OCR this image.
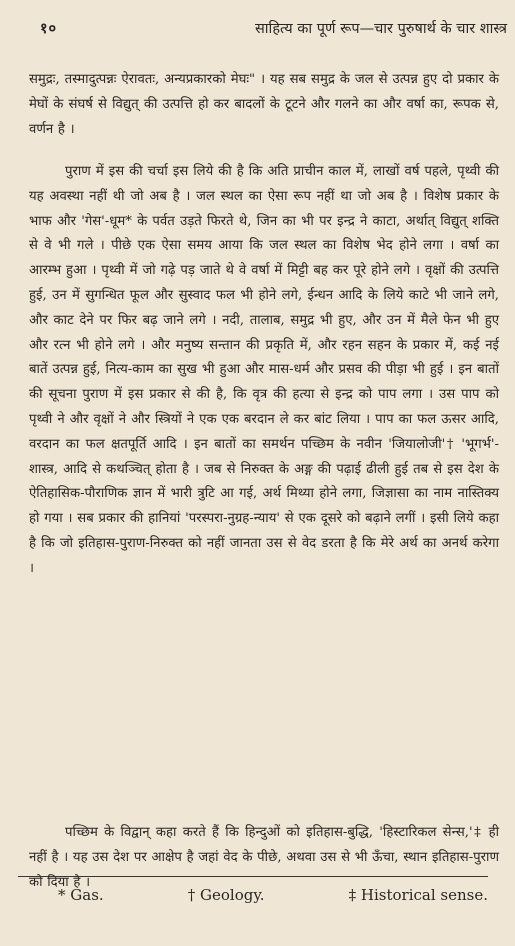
१०	साहित्य का पूर्ण रूप—चार पुरुषार्थ के चार शास्त्र
समुद्रः, तस्मादुत्पन्नः ऐरावतः, अन्यप्रकारको मेघः" । यह सब समुद्र के जल से उत्पन्न हुए दो प्रकार के मेघों के संघर्ष से विद्युत् की उत्पत्ति हो कर बादलों के टूटने और गलने का और वर्षा का, रूपक से, वर्णन है ।
पुराण में इस की चर्चा इस लिये की है कि अति प्राचीन काल में, लाखों वर्ष पहले, पृथ्वी की यह अवस्था नहीं थी जो अब है । जल स्थल का ऐसा रूप नहीं था जो अब है । विशेष प्रकार के भाफ और 'गेस'-धूम* के पर्वत उड़ते फिरते थे, जिन का भी पर इन्द्र ने काटा, अर्थात् विद्युत् शक्ति से वे भी गले । पीछे एक ऐसा समय आया कि जल स्थल का विशेष भेद होने लगा । वर्षा का आरम्भ हुआ । पृथ्वी में जो गढ़े पड़ जाते थे वे वर्षा में मिट्टी बह कर पूरे होने लगे । वृक्षों की उत्पत्ति हुई, उन में सुगन्धित फूल और सुस्वाद फल भी होने लगे, ईन्धन आदि के लिये काटे भी जाने लगे, और काट देने पर फिर बढ़ जाने लगे । नदी, तालाब, समुद्र भी हुए, और उन में मैले फेन भी हुए और रत्न भी होने लगे । और मनुष्य सन्तान की प्रकृति में, और रहन सहन के प्रकार में, कई नई बातें उत्पन्न हुई, नित्य-काम का सुख भी हुआ और मास-धर्म और प्रसव की पीड़ा भी हुई । इन बातों की सूचना पुराण में इस प्रकार से की है, कि वृत्र की हत्या से इन्द्र को पाप लगा । उस पाप को पृथ्वी ने और वृक्षों ने और स्त्रियों ने एक एक बरदान ले कर बांट लिया । पाप का फल ऊसर आदि, वरदान का फल क्षतपूर्ति आदि । इन बातों का समर्थन पच्छिम के नवीन 'जियालोजी'† 'भूगर्भ'-शास्त्र, आदि से कथञ्चित् होता है । जब से निरुक्त के अङ्ग की पढ़ाई ढीली हुई तब से इस देश के ऐतिहासिक-पौराणिक ज्ञान में भारी त्रुटि आ गई, अर्थ मिथ्या होने लगा, जिज्ञासा का नाम नास्तिक्य हो गया । सब प्रकार की हानियां 'परस्परा-नुग्रह-न्याय' से एक दूसरे को बढ़ाने लगीं । इसी लिये कहा है कि जो इतिहास-पुराण-निरुक्त को नहीं जानता उस से वेद डरता है कि मेरे अर्थ का अनर्थ करेगा ।
पच्छिम के विद्वान् कहा करते हैं कि हिन्दुओं को इतिहास-बुद्धि, 'हिस्टारिकल सेन्स,'‡ ही नहीं है । यह उस देश पर आक्षेप है जहां वेद के पीछे, अथवा उस से भी ऊँचा, स्थान इतिहास-पुराण को दिया है ।
* Gas.	† Geology.	‡ Historical sense.
